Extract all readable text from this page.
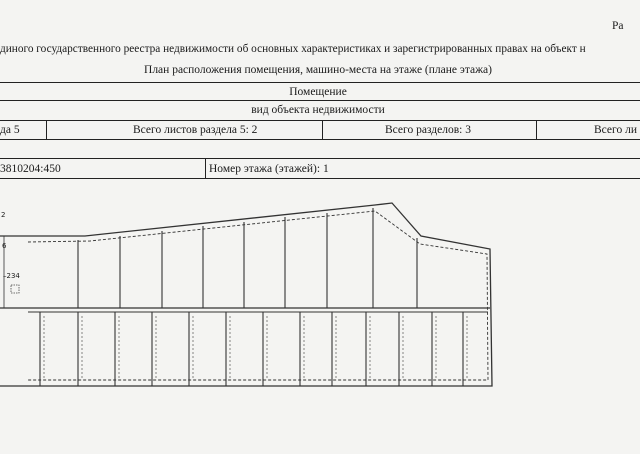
Ра
диного государственного реестра недвижимости об основных характеристиках и зарегистрированных правах на объект н
План расположения помещения, машино-места на этаже (плане этажа)
Помещение
вид объекта недвижимости
да 5	Всего листов раздела 5: 2	Всего разделов: 3	Всего ли
3810204:450	Номер этажа (этажей): 1
2
6
–234
